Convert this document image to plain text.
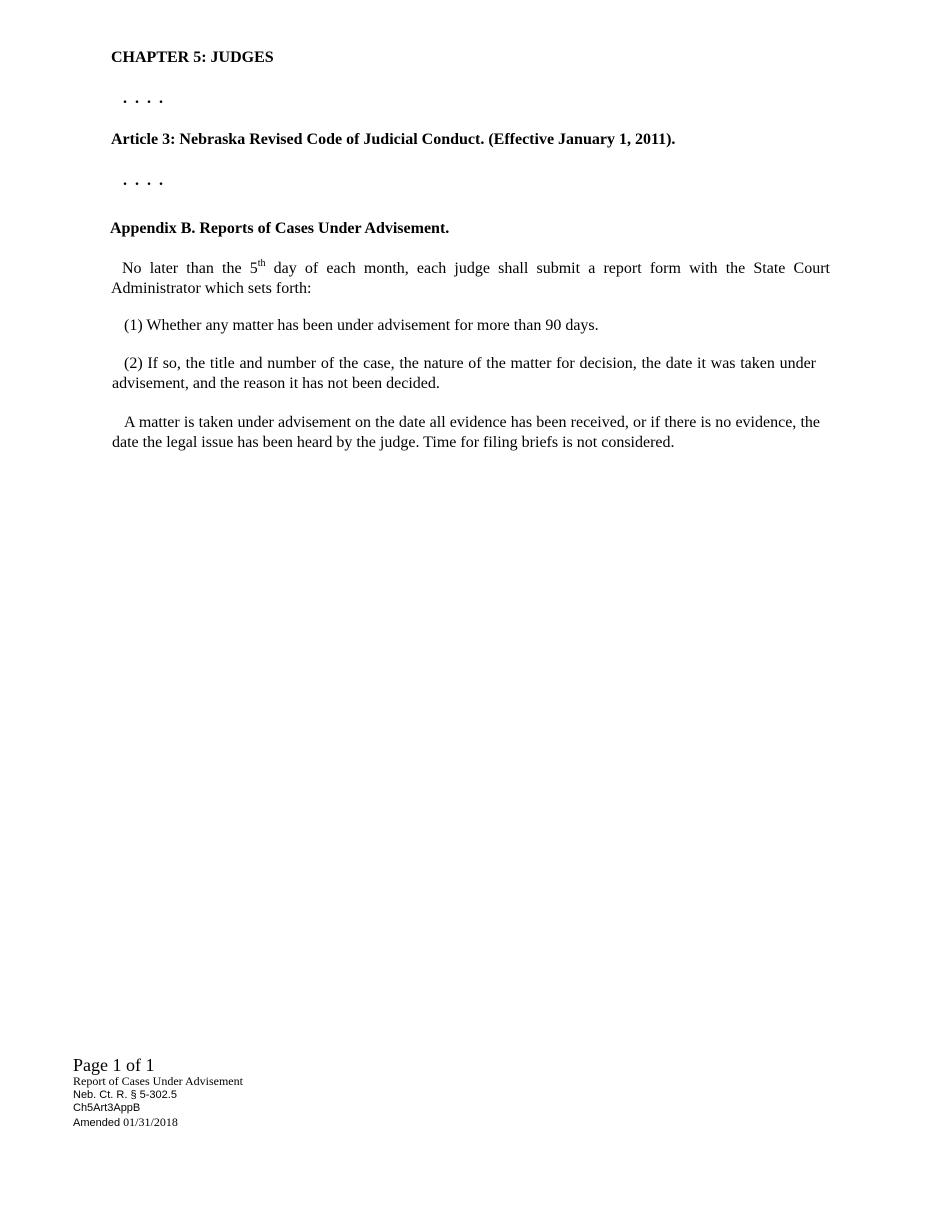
CHAPTER 5: JUDGES

. . . .

Article 3: Nebraska Revised Code of Judicial Conduct. (Effective January 1, 2011).

. . . .

Appendix B. Reports of Cases Under Advisement.

No later than the 5th day of each month, each judge shall submit a report form with the State Court Administrator which sets forth:

(1) Whether any matter has been under advisement for more than 90 days.

(2) If so, the title and number of the case, the nature of the matter for decision, the date it was taken under advisement, and the reason it has not been decided.

A matter is taken under advisement on the date all evidence has been received, or if there is no evidence, the date the legal issue has been heard by the judge. Time for filing briefs is not considered.

Page 1 of 1

Report of Cases Under Advisement

Neb. Ct. R. § 5-302.5

Ch5Art3AppB

Amended 01/31/2018
